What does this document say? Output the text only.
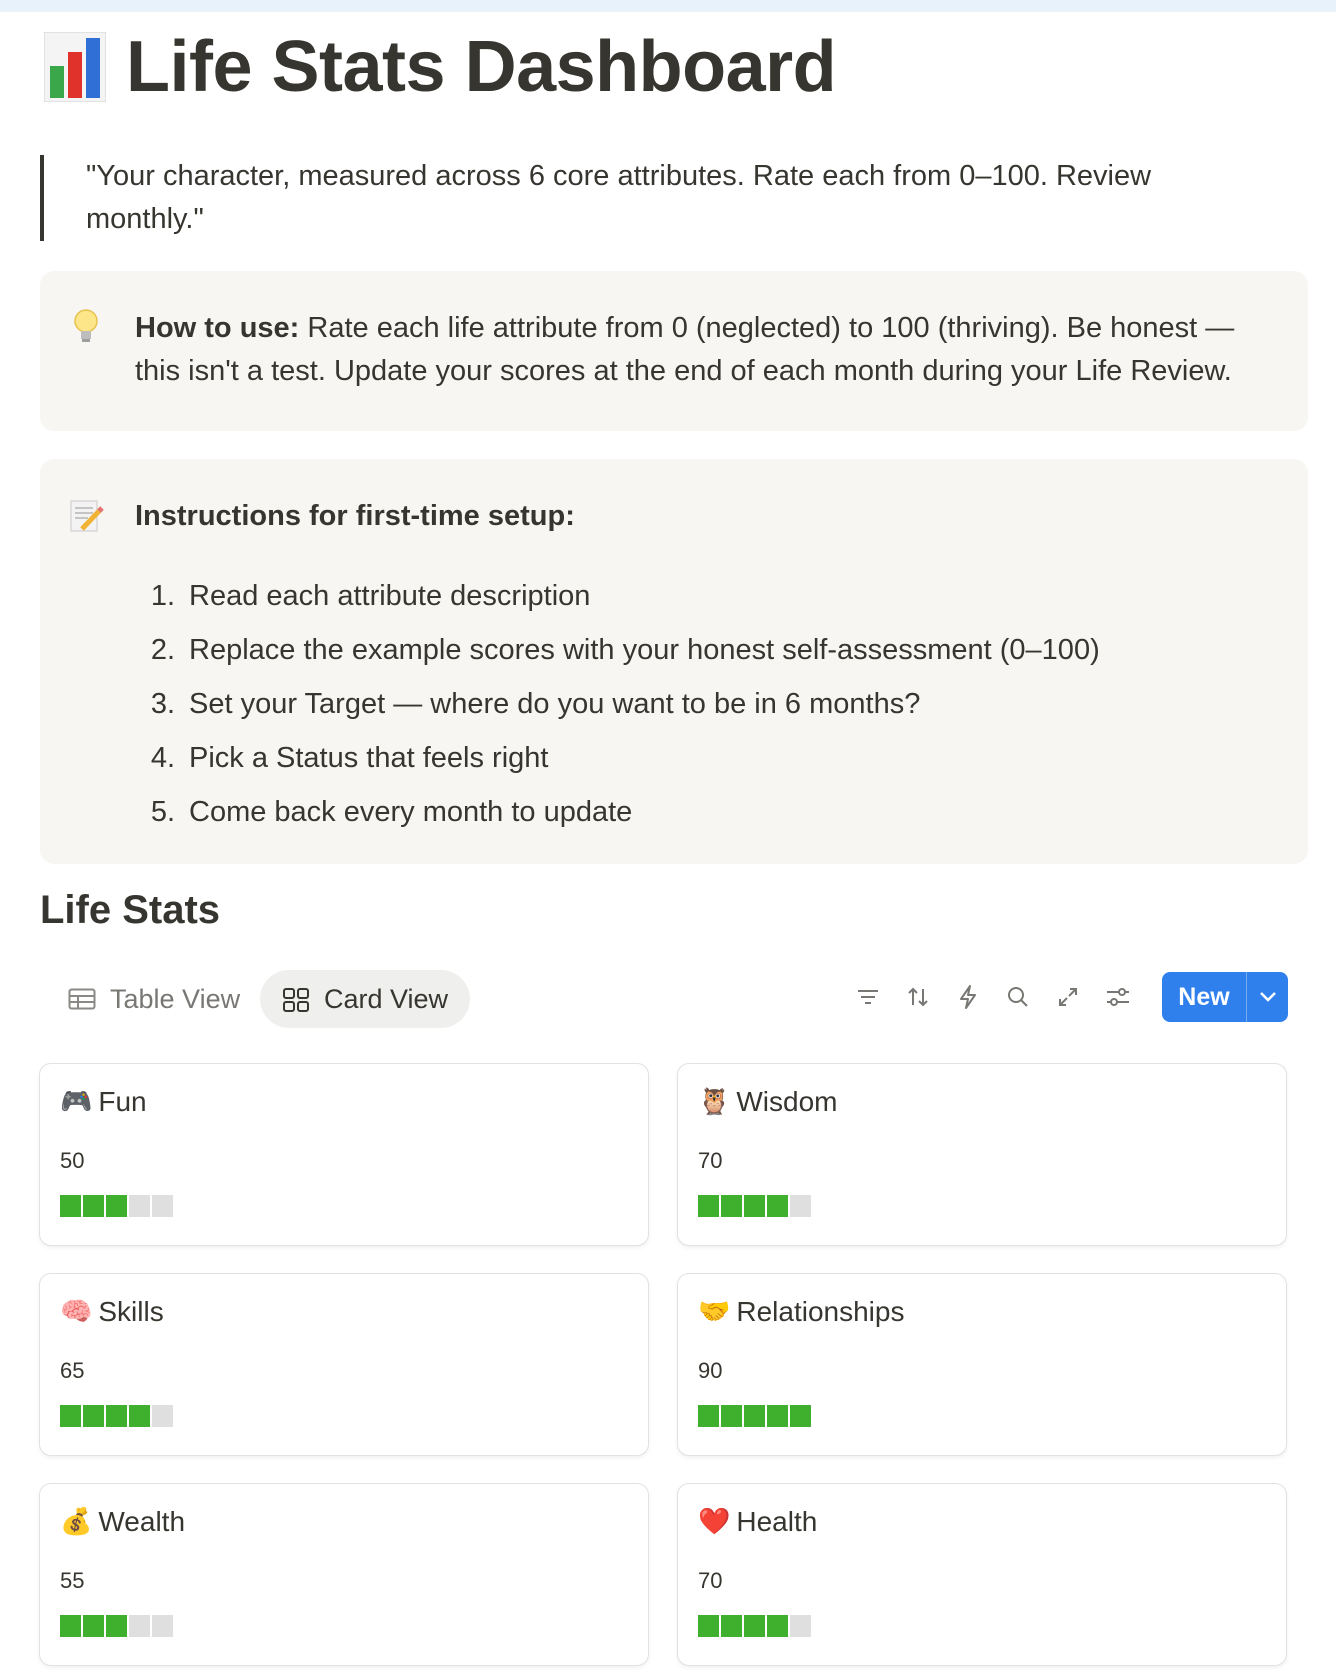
Life Stats Dashboard
"Your character, measured across 6 core attributes. Rate each from 0–100. Review monthly."
How to use: Rate each life attribute from 0 (neglected) to 100 (thriving). Be honest — this isn't a test. Update your scores at the end of each month during your Life Review.
Instructions for first-time setup:
1. Read each attribute description
2. Replace the example scores with your honest self-assessment (0–100)
3. Set your Target — where do you want to be in 6 months?
4. Pick a Status that feels right
5. Come back every month to update
Life Stats
Table View	Card View	New
🎮 Fun
50
🦉 Wisdom
70
🧠 Skills
65
🤝 Relationships
90
💰 Wealth
55
❤️ Health
70
